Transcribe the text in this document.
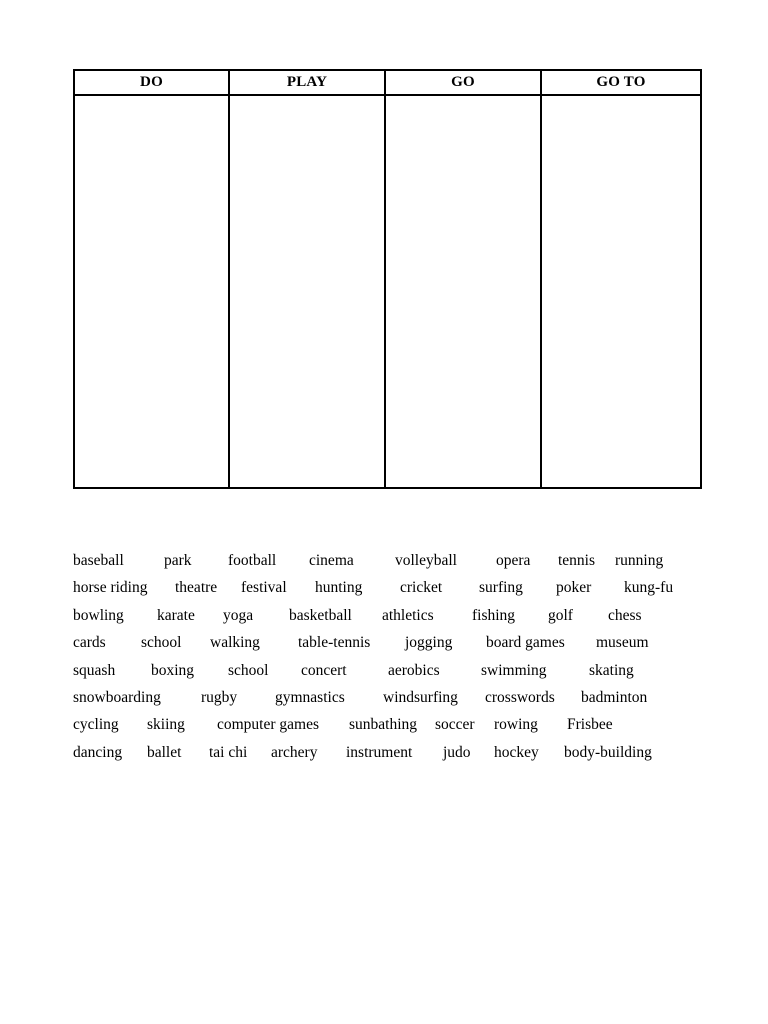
DO	PLAY	GO	GO TO
baseball	park football cinema	volleyball	opera tennis running
horse riding theatre festival hunting cricket surfing poker kung-fu
bowling karate yoga basketball athletics fishing golf chess
cards school walking table-tennis jogging board games museum
squash boxing school concert	aerobics	swimming	skating
snowboarding	rugby gymnastics windsurfing crosswords badminton
cycling skiing computer games sunbathing soccer rowing Frisbee
dancing ballet tai chi archery instrument judo hockey body-building
